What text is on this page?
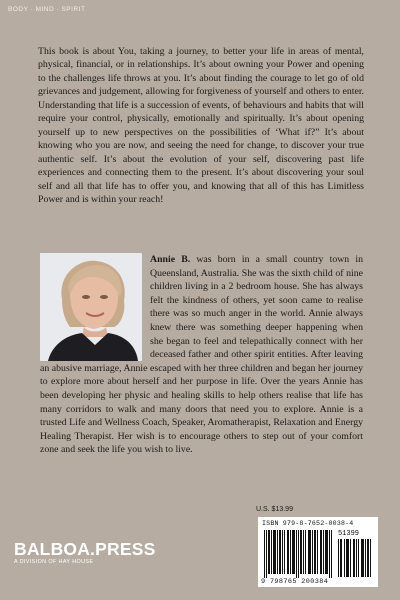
BODY · MIND · SPIRIT

This book is about You, taking a journey, to better your life in areas of mental, physical, financial, or in relationships. It’s about owning your Power and opening to the challenges life throws at you. It’s about finding the courage to let go of old grievances and judgement, allowing for forgiveness of yourself and others to enter. Understanding that life is a succession of events, of behaviours and habits that will require your control, physically, emotionally and spiritually. It’s about opening yourself up to new perspectives on the possibilities of ‘What if?” It’s about knowing who you are now, and seeing the need for change, to discover your true authentic self. It’s about the evolution of your self, discovering past life experiences and connecting them to the present. It’s about discovering your soul self and all that life has to offer you, and knowing that all of this has Limitless Power and is within your reach!

Annie B. was born in a small country town in Queensland, Australia. She was the sixth child of nine children living in a 2 bedroom house. She has always felt the kindness of others, yet soon came to realise there was so much anger in the world. Annie always knew there was something deeper happening when she began to feel and telepathically connect with her deceased father and other spirit entities. After leaving an abusive marriage, Annie escaped with her three children and began her journey to explore more about herself and her purpose in life. Over the years Annie has been developing her physic and healing skills to help others realise that life has many corridors to walk and many doors that need you to explore. Annie is a trusted Life and Wellness Coach, Speaker, Aromatherapist, Relaxation and Energy Healing Therapist. Her wish is to encourage others to step out of your comfort zone and seek the life you wish to live.

U.S. $13.99
ISBN 979-8-7652-0038-4
51399
9 798765 200384
BALBOA.PRESS
A DIVISION OF HAY HOUSE
